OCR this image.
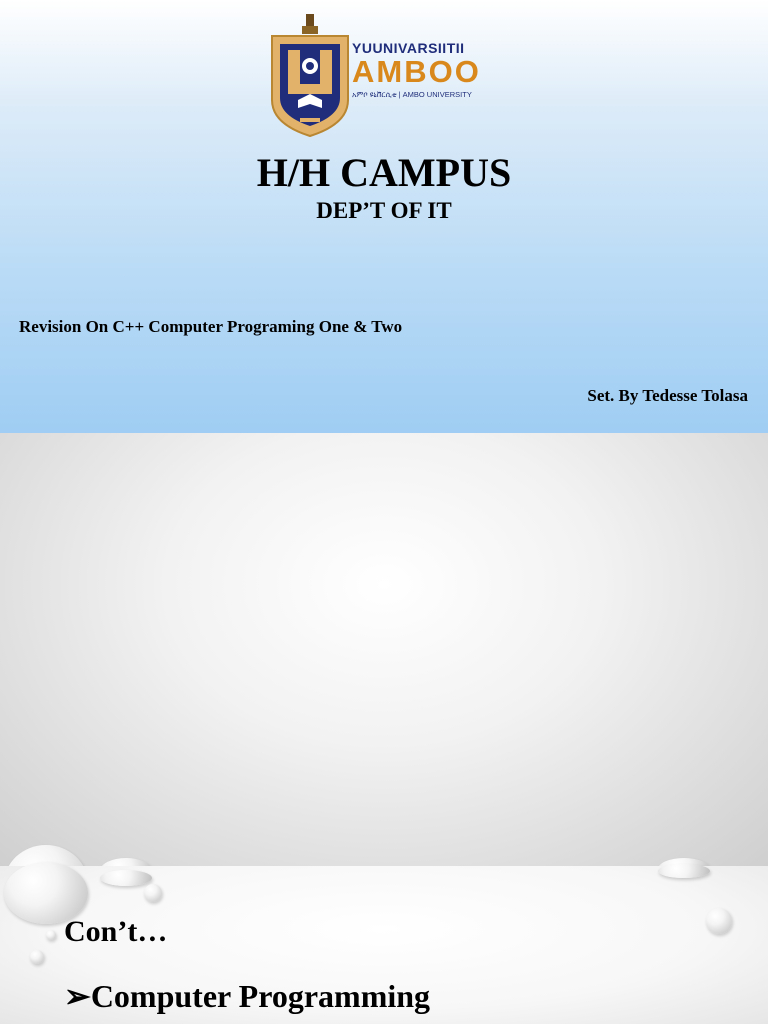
YUUNIVARSIITII
AMBOO
አምቦ ዩኒቨርሲቲ | AMBO UNIVERSITY
H/H CAMPUS
DEP’T OF IT
Revision On C++ Computer Programing One & Two
Set. By Tedesse Tolasa
Con’t…
➢Computer Programming
